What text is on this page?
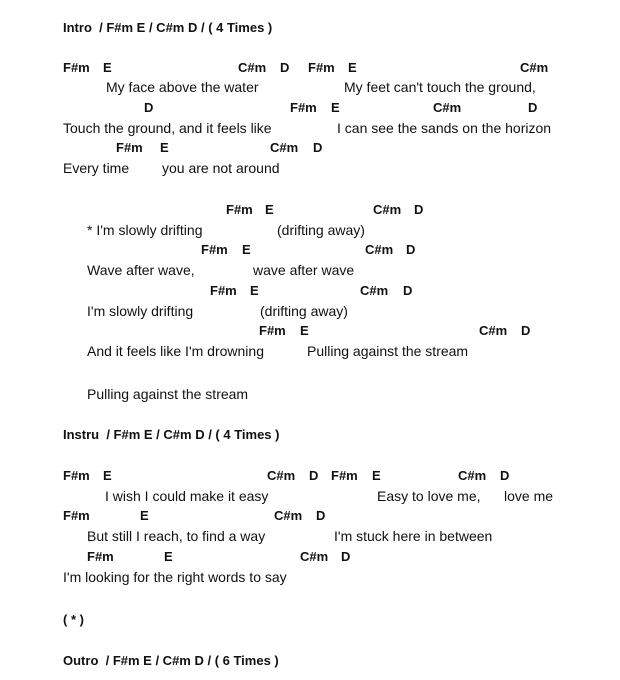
Intro  / F#m E / C#m D / ( 4 Times )
F#m E	C#m D F#m E	C#m
My face above the water	My feet can't touch the ground,
D	F#m E	C#m	D
Touch the ground, and it feels like	I can see the sands on the horizon
F#m E	C#m D
Every time you are not around
F#m E	C#m D
* I'm slowly drifting	(drifting away)
F#m E	C#m D
Wave after wave,	wave after wave
F#m E	C#m D
I'm slowly drifting	(drifting away)
F#m E	C#m D
And it feels like I'm drowning	Pulling against the stream
Pulling against the stream
Instru  / F#m E / C#m D / ( 4 Times )
F#m E	C#m D F#m E	C#m D
I wish I could make it easy	Easy to love me, love me
F#m	E	C#m D
But still I reach, to find a way	I'm stuck here in between
F#m	E	C#m D
I'm looking for the right words to say
( * )
Outro  / F#m E / C#m D / ( 6 Times )
